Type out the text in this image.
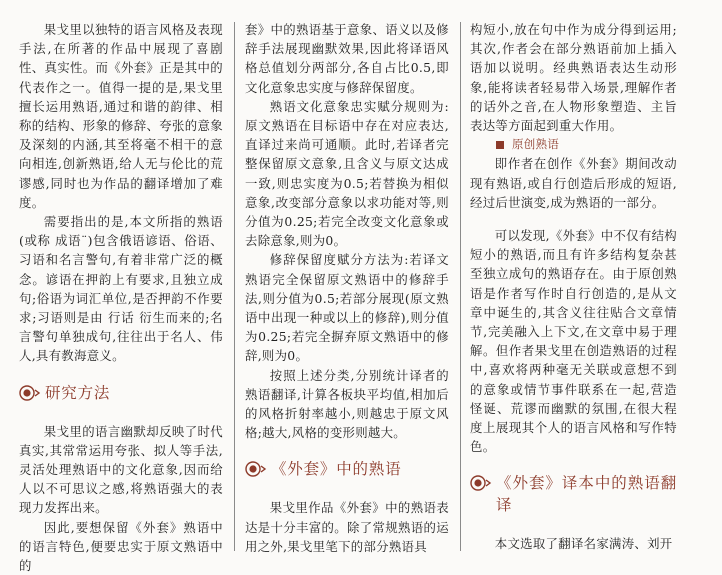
果戈里以独特的语言风格及表现手法,在所著的作品中展现了喜剧性、真实性。而《外套》正是其中的代表作之一。值得一提的是,果戈里擅长运用熟语,通过和谐的韵律、相称的结构、形象的修辞、夸张的意象及深刻的内涵,其至将毫不相干的意向相连,创新熟语,给人无与伦比的荒谬感,同时也为作品的翻译增加了难度。

需要指出的是,本文所指的熟语(或称 成语¨)包含俄语谚语、俗语、习语和名言警句,有着非常广泛的概念。谚语在押韵上有要求,且独立成句;俗语为词汇单位,是否押韵不作要求;习语则是由 行话 衍生而来的;名言警句单独成句,往往出于名人、伟人,具有教海意义。

研究方法

果戈里的语言幽默却反映了时代真实,其常常运用夸张、拟人等手法,灵活处理熟语中的文化意象,因而给人以不可思议之感,将熟语强大的表现力发挥出来。

因此,要想保留《外套》熟语中的语言特色,便要忠实于原文熟语中的

套》中的熟语基于意象、语义以及修辞手法展现幽默效果,因此将译语风格总值划分两部分,各自占比0.5,即文化意象忠实度与修辞保留度。

熟语文化意象忠实赋分规则为:原文熟语在目标语中存在对应表达,直译过来尚可通顺。此时,若译者完整保留原文意象,且含义与原文达成一致,则忠实度为0.5;若替换为相似意象,改变部分意象以求功能对等,则分值为0.25;若完全改变文化意象或去除意象,则为0。

修辞保留度赋分方法为:若译文熟语完全保留原文熟语中的修辞手法,则分值为0.5;若部分展现(原文熟语中出现一种或以上的修辞),则分值为0.25;若完全摒弃原文熟语中的修辞,则为0。

按照上述分类,分别统计译者的熟语翻译,计算各板块平均值,相加后的风格折射率越小,则越忠于原文风格;越大,风格的变形则越大。

《外套》中的熟语

果戈里作品《外套》中的熟语表达是十分丰富的。除了常规熟语的运用之外,果戈里笔下的部分熟语具

构短小,放在句中作为成分得到运用;其次,作者会在部分熟语前加上插入语加以说明。经典熟语表达生动形象,能将读者轻易带入场景,理解作者的话外之音,在人物形象塑造、主旨表达等方面起到重大作用。

原创熟语

即作者在创作《外套》期间改动现有熟语,或自行创造后形成的短语,经过后世演变,成为熟语的一部分。

可以发现,《外套》中不仅有结构短小的熟语,而且有许多结构复杂甚至独立成句的熟语存在。由于原创熟语是作者写作时自行创造的,是从文章中诞生的,其含义往往贴合文章情节,完美融入上下文,在文章中易于理解。但作者果戈里在创造熟语的过程中,喜欢将两种毫无关联或意想不到的意象或情节事件联系在一起,营造怪诞、荒谬而幽默的氛围,在很大程度上展现其个人的语言风格和写作特色。

《外套》译本中的熟语翻译

本文选取了翻译名家满涛、刘开
